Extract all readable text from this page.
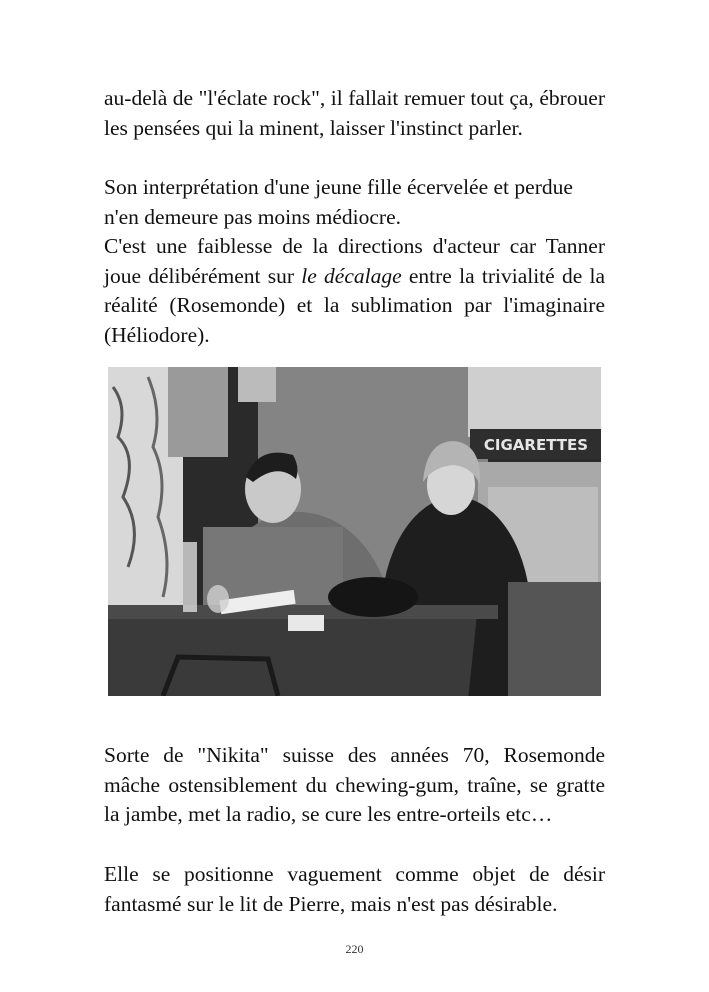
au-delà de "l'éclate rock", il fallait remuer tout ça, ébrouer les pensées qui la minent, laisser l'instinct parler.

Son interprétation d'une jeune fille écervelée et perdue n'en demeure pas moins médiocre.

C'est une faiblesse de la directions d'acteur car Tanner joue délibérément sur le décalage entre la trivialité de la réalité (Rosemonde) et la sublimation par l'imaginaire (Héliodore).

CIGARETTES

Sorte de "Nikita" suisse des années 70, Rosemonde mâche ostensiblement du chewing-gum, traîne, se gratte la jambe, met la radio, se cure les entre-orteils etc…

Elle se positionne vaguement comme objet de désir fantasmé sur le lit de Pierre, mais n'est pas désirable.

220
